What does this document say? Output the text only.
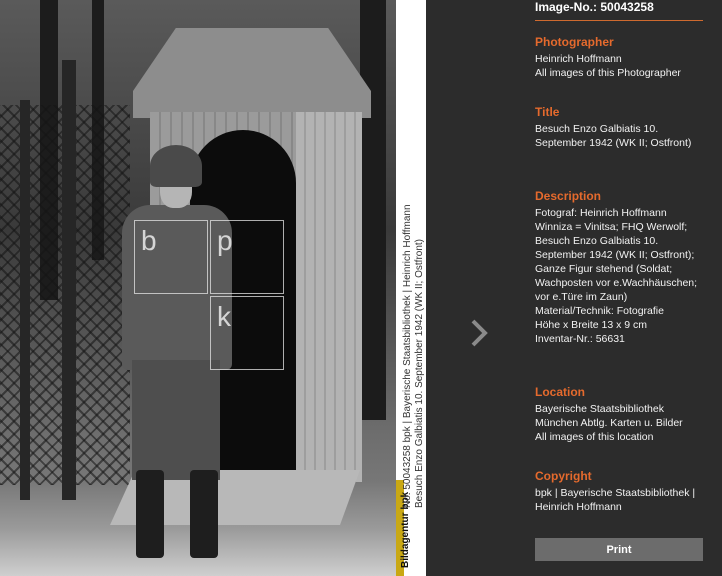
b	p
k
Bildagentur bpk
No: 50043258 bpk | Bayerische Staatsbibliothek | Heinrich Hoffmann Besuch Enzo Galbiatis 10. September 1942 (WK II; Ostfront)
Image-No.: 50043258
Photographer

Heinrich Hoffmann

All images of this Photographer
Title

Besuch Enzo Galbiatis 10. September 1942 (WK II; Ostfront)

Description

Fotograf: Heinrich Hoffmann Winniza = Vinitsa; FHQ Werwolf; Besuch Enzo Galbiatis 10. September 1942 (WK II; Ostfront); Ganze Figur stehend (Soldat; Wachposten vor e.Wachhäuschen; vor e.Türe im Zaun)

Material/Technik: Fotografie

Höhe x Breite 13 x 9 cm

Inventar-Nr.: 56631

Location

Bayerische Staatsbibliothek München Abtlg. Karten u. Bilder

All images of this location
Copyright

bpk | Bayerische Staatsbibliothek | Heinrich Hoffmann

Print
